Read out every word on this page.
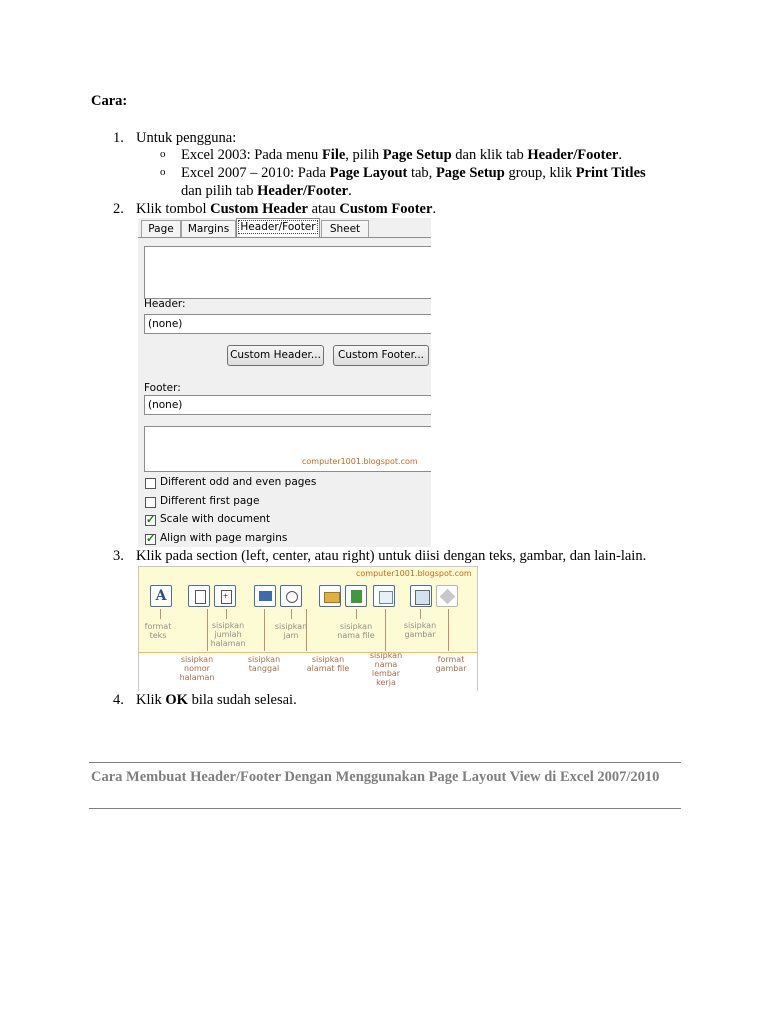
Cara:
1. Untuk pengguna:
o Excel 2003: Pada menu File, pilih Page Setup dan klik tab Header/Footer.
o Excel 2007 – 2010: Pada Page Layout tab, Page Setup group, klik Print Titles
dan pilih tab Header/Footer.
2. Klik tombol Custom Header atau Custom Footer.
Page	Margins	Header/Footer	Sheet
Header:
Footer:
computer1001.blogspot.com
(none)
Custom Header...	Custom Footer...
(none)
Different odd and even pages
Different first page
✓
Scale with document
✓
Align with page margins
3. Klik pada section (left, center, atau right) untuk diisi dengan teks, gambar, dan lain-lain.
computer1001.blogspot.com
A	+
format teks
sisipkan jumlah halaman
sisipkan jam
sisipkan nama file
sisipkan gambar
sisipkan nomor halaman
sisipkan tanggal
sisipkan alamat file
sisipkan nama lembar kerja
format gambar
4. Klik OK bila sudah selesai.
Cara Membuat Header/Footer Dengan Menggunakan Page Layout View di Excel 2007/2010
